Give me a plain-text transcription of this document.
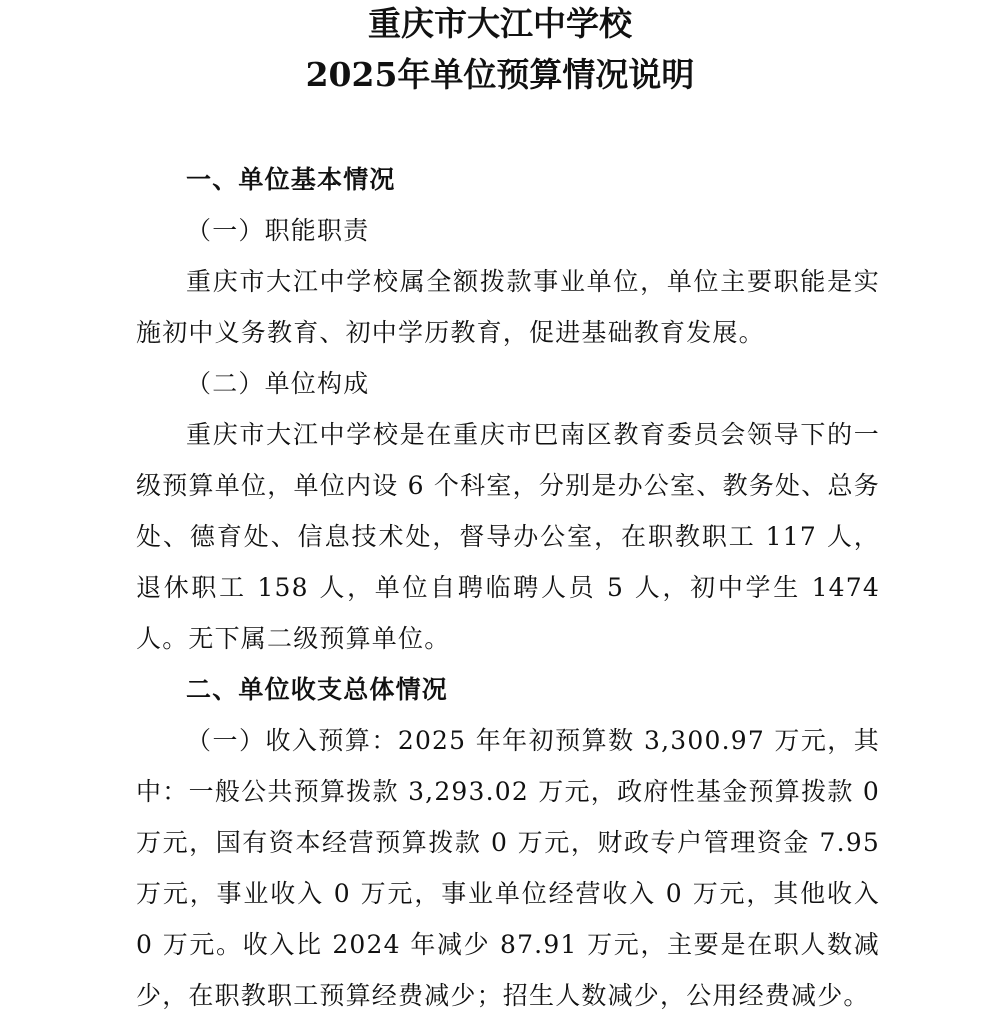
重庆市大江中学校
2025年单位预算情况说明

一、单位基本情况

（一）职能职责

重庆市大江中学校属全额拨款事业单位，单位主要职能是实施初中义务教育、初中学历教育，促进基础教育发展。

（二）单位构成

重庆市大江中学校是在重庆市巴南区教育委员会领导下的一级预算单位，单位内设 6 个科室，分别是办公室、教务处、总务处、德育处、信息技术处，督导办公室，在职教职工 117 人，退休职工 158 人，单位自聘临聘人员 5 人，初中学生 1474 人。无下属二级预算单位。

二、单位收支总体情况

（一）收入预算：2025 年年初预算数 3,300.97 万元，其中：一般公共预算拨款 3,293.02 万元，政府性基金预算拨款 0 万元，国有资本经营预算拨款 0 万元，财政专户管理资金 7.95 万元，事业收入 0 万元，事业单位经营收入 0 万元，其他收入 0 万元。收入比 2024 年减少 87.91 万元，主要是在职人数减少，在职教职工预算经费减少；招生人数减少，公用经费减少。
